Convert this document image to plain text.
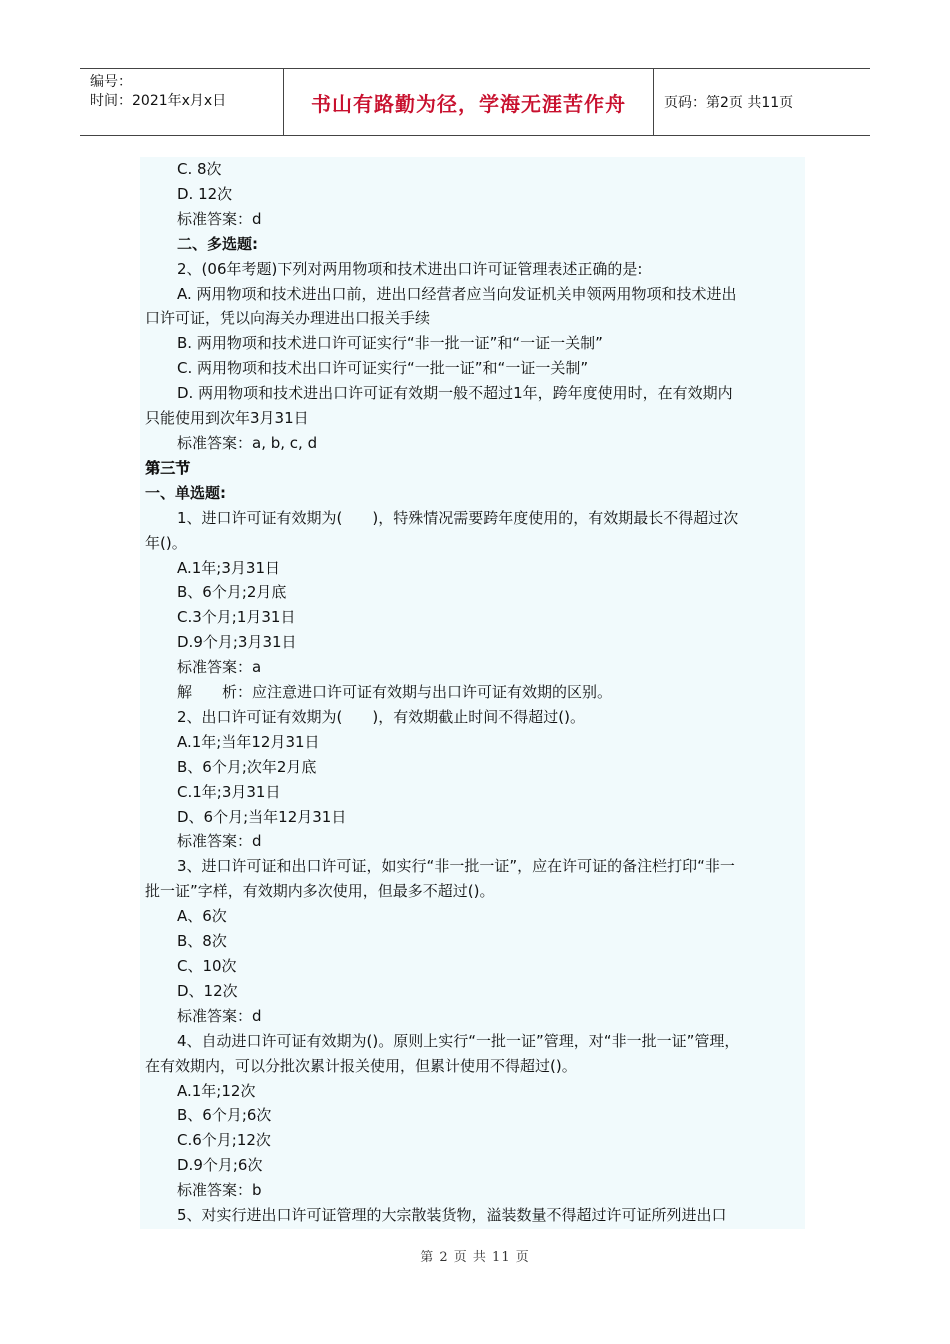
编号：
时间：2021年x月x日	书山有路勤为径，学海无涯苦作舟	页码：第2页 共11页
C. 8次
D. 12次
标准答案：d
二、多选题:
2、(06年考题)下列对两用物项和技术进出口许可证管理表述正确的是:
A. 两用物项和技术进出口前，进出口经营者应当向发证机关申领两用物项和技术进出
口许可证，凭以向海关办理进出口报关手续
B. 两用物项和技术进口许可证实行“非一批一证”和“一证一关制”
C. 两用物项和技术出口许可证实行“一批一证”和“一证一关制”
D. 两用物项和技术进出口许可证有效期一般不超过1年，跨年度使用时，在有效期内
只能使用到次年3月31日
标准答案：a, b, c, d
第三节
一、单选题:
1、进口许可证有效期为(　　)，特殊情况需要跨年度使用的，有效期最长不得超过次
年()。
A.1年;3月31日
B、6个月;2月底
C.3个月;1月31日
D.9个月;3月31日
标准答案：a
解　　析：应注意进口许可证有效期与出口许可证有效期的区别。
2、出口许可证有效期为(　　)，有效期截止时间不得超过()。
A.1年;当年12月31日
B、6个月;次年2月底
C.1年;3月31日
D、6个月;当年12月31日
标准答案：d
3、进口许可证和出口许可证，如实行“非一批一证”，应在许可证的备注栏打印“非一
批一证”字样，有效期内多次使用，但最多不超过()。
A、6次
B、8次
C、10次
D、12次
标准答案：d
4、自动进口许可证有效期为()。原则上实行“一批一证”管理，对“非一批一证”管理，
在有效期内，可以分批次累计报关使用，但累计使用不得超过()。
A.1年;12次
B、6个月;6次
C.6个月;12次
D.9个月;6次
标准答案：b
5、对实行进出口许可证管理的大宗散装货物，溢装数量不得超过许可证所列进出口
第 2 页 共 11 页
